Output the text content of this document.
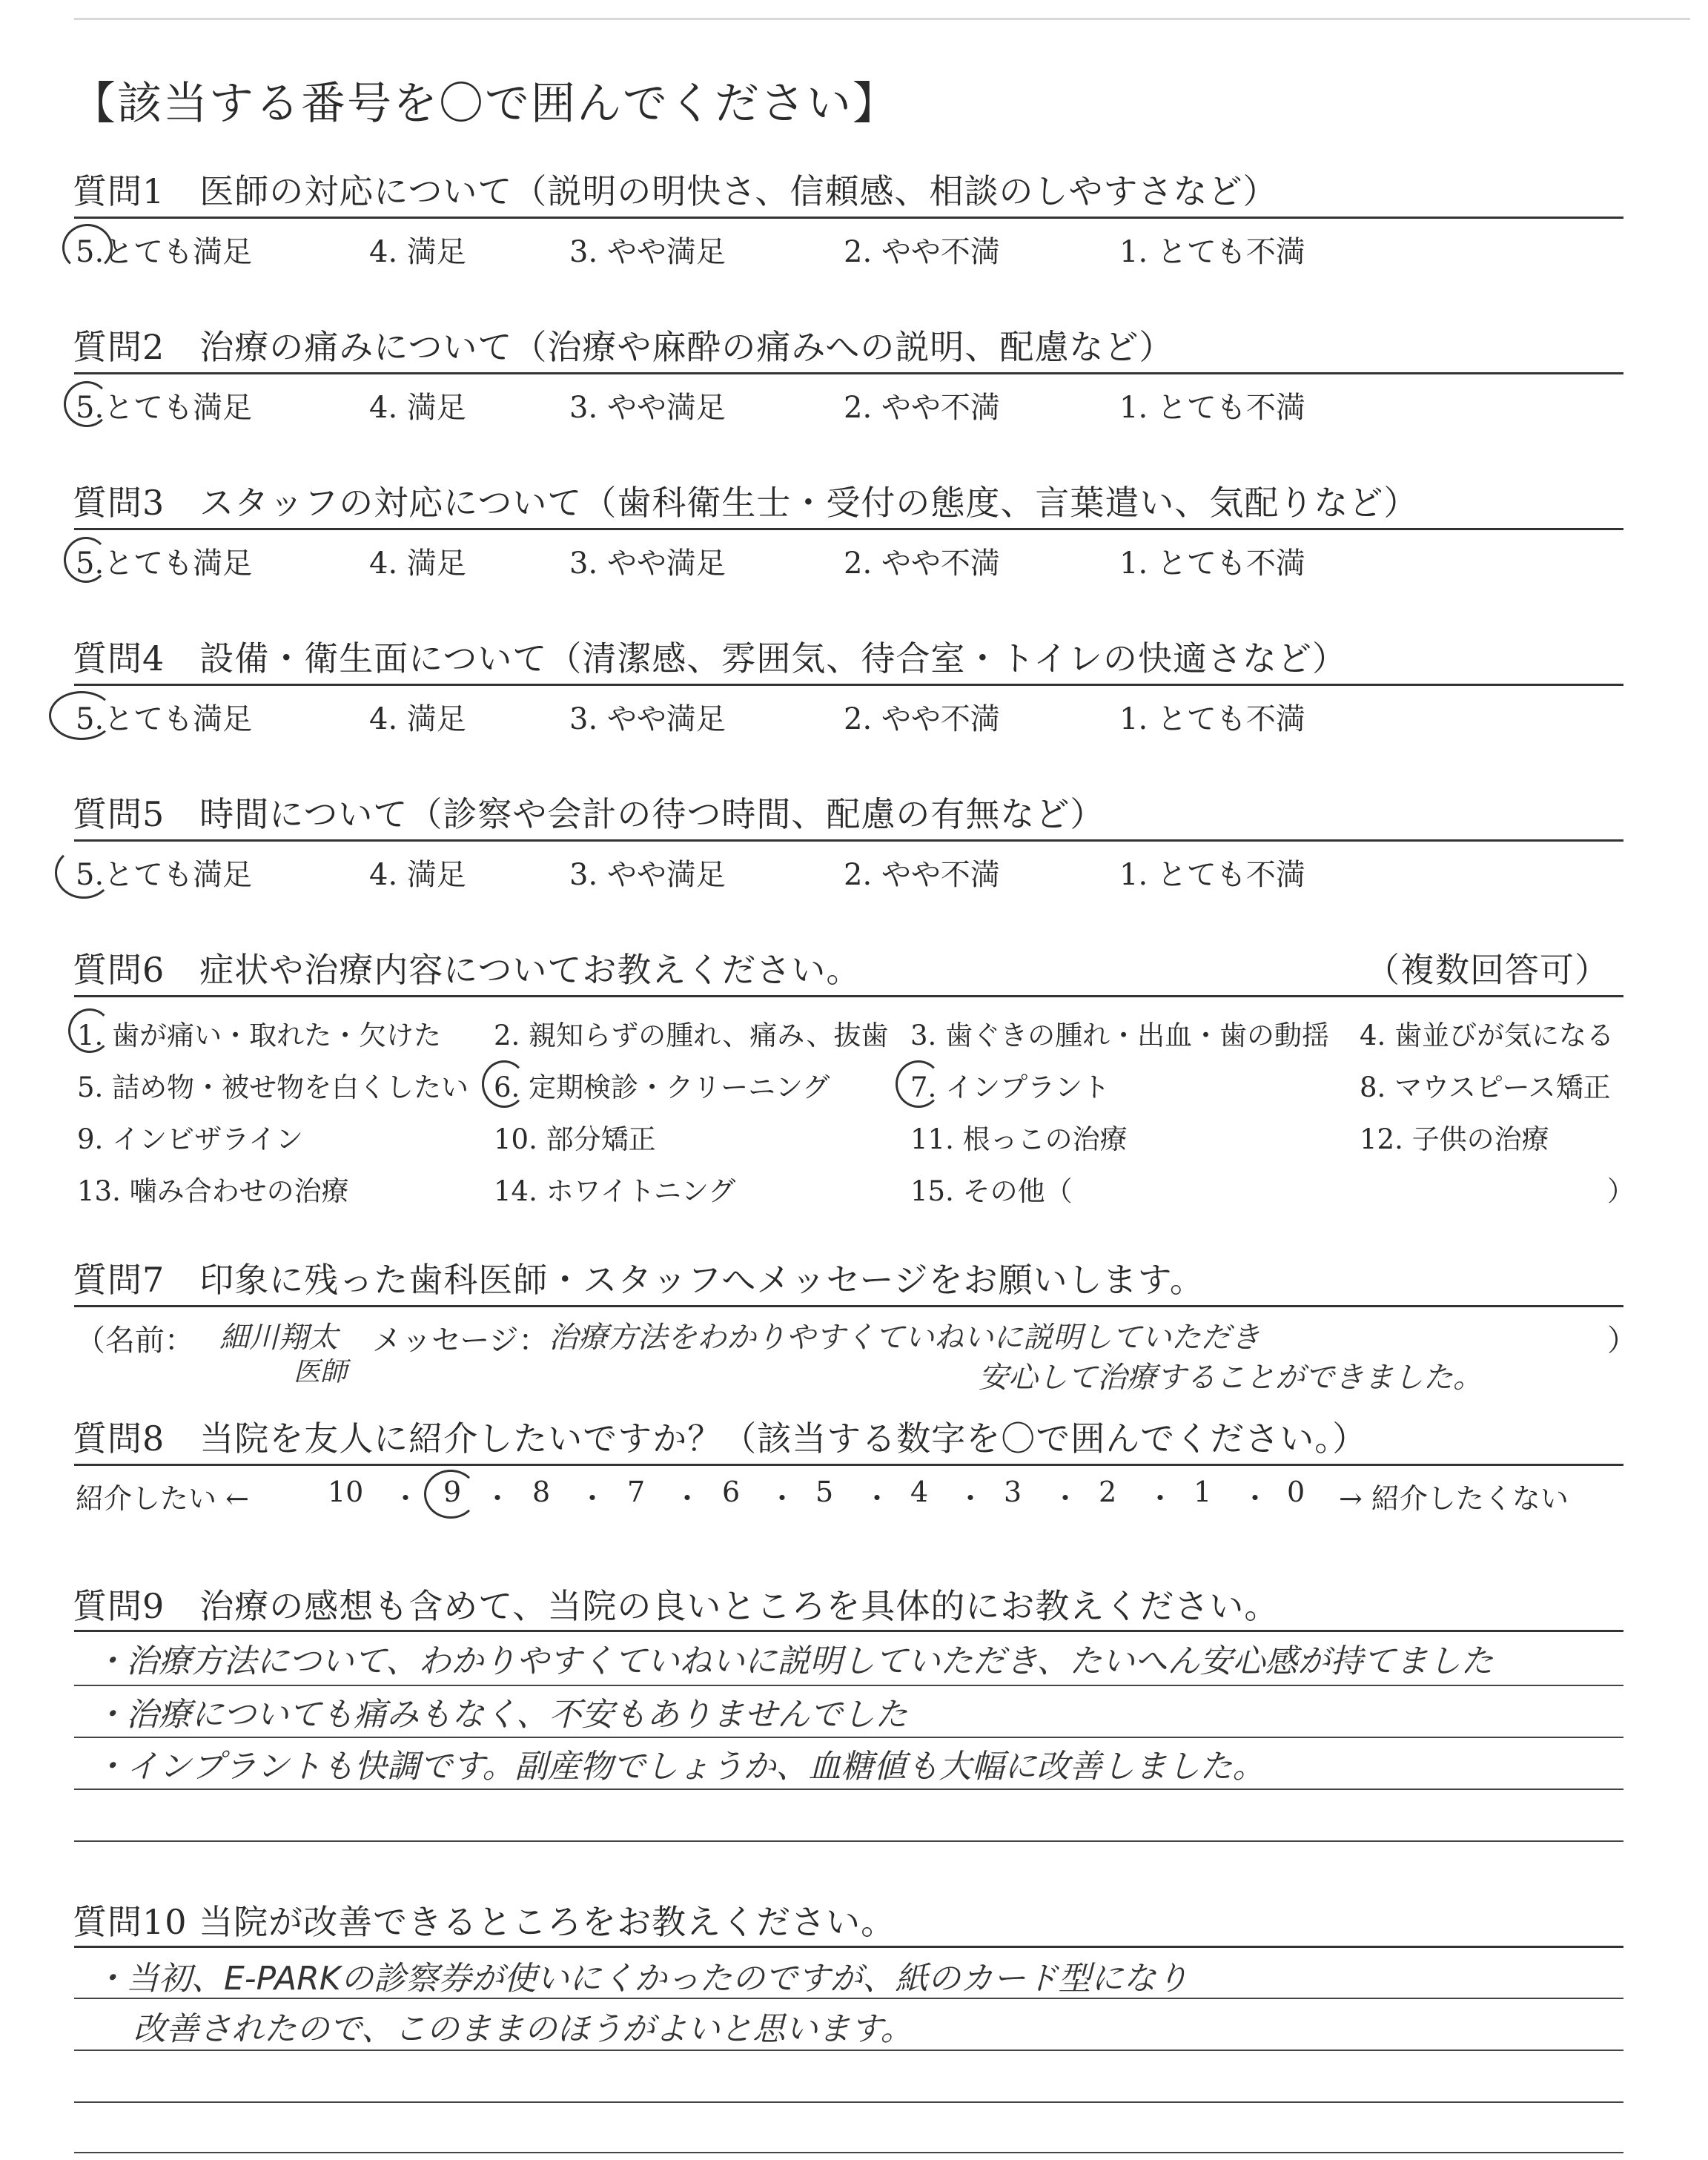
【該当する番号を〇で囲んでください】
質問1　医師の対応について（説明の明快さ、信頼感、相談のしやすさなど）
5.とても満足	4. 満足	3. やや満足	2. やや不満	1. とても不満
質問2　治療の痛みについて（治療や麻酔の痛みへの説明、配慮など）
5.とても満足	4. 満足	3. やや満足	2. やや不満	1. とても不満
質問3　スタッフの対応について（歯科衛生士・受付の態度、言葉遣い、気配りなど）
5.とても満足	4. 満足	3. やや満足	2. やや不満	1. とても不満
質問4　設備・衛生面について（清潔感、雰囲気、待合室・トイレの快適さなど）
5.とても満足	4. 満足	3. やや満足	2. やや不満	1. とても不満
質問5　時間について（診察や会計の待つ時間、配慮の有無など）
5.とても満足	4. 満足	3. やや満足	2. やや不満	1. とても不満
質問6　症状や治療内容についてお教えください。	（複数回答可）
1. 歯が痛い・取れた・欠けた 2. 親知らずの腫れ、痛み、抜歯 3. 歯ぐきの腫れ・出血・歯の動揺 4. 歯並びが気になる
5. 詰め物・被せ物を白くしたい 6. 定期検診・クリーニング	7. インプラント	8. マウスピース矯正
9. インビザライン	10. 部分矯正	11. 根っこの治療	12. 子供の治療
13. 噛み合わせの治療	14. ホワイトニング	15. その他（	）
質問7　印象に残った歯科医師・スタッフへメッセージをお願いします。
（名前： 細川翔太
医師
メッセージ： 治療方法をわかりやすくていねいに説明していただき
安心して治療することができました。
）
質問8　当院を友人に紹介したいですか？（該当する数字を〇で囲んでください。）
紹介したい ←	10 ・ 9 ・ 8 ・ 7 ・ 6 ・ 5 ・ 4 ・ 3 ・ 2 ・ 1 ・ 0 → 紹介したくない
質問9　治療の感想も含めて、当院の良いところを具体的にお教えください。
・治療方法について、わかりやすくていねいに説明していただき、たいへん安心感が持てました
・治療についても痛みもなく、不安もありませんでした
・インプラントも快調です。副産物でしょうか、血糖値も大幅に改善しました。
質問10 当院が改善できるところをお教えください。
・当初、E-PARKの診察券が使いにくかったのですが、紙のカード型になり
改善されたので、このままのほうがよいと思います。
